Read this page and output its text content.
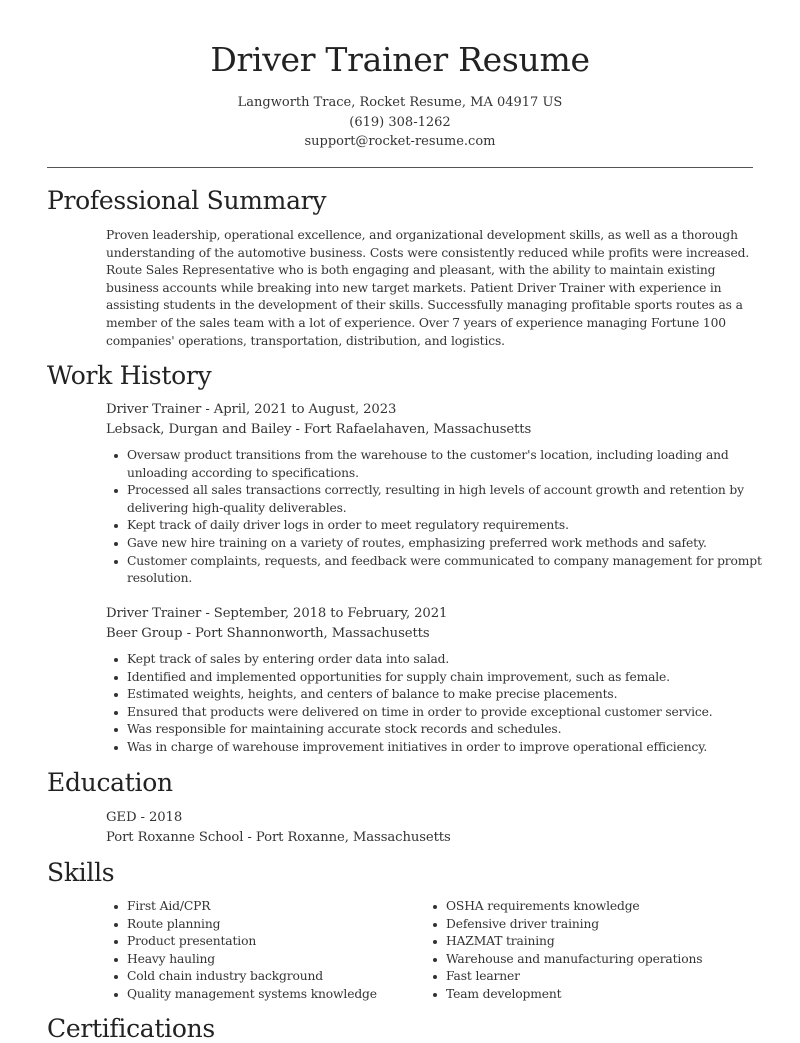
Driver Trainer Resume
Langworth Trace, Rocket Resume, MA 04917 US
(619) 308-1262
support@rocket-resume.com
Professional Summary

Proven leadership, operational excellence, and organizational development skills, as well as a thorough understanding of the automotive business. Costs were consistently reduced while profits were increased. Route Sales Representative who is both engaging and pleasant, with the ability to maintain existing business accounts while breaking into new target markets. Patient Driver Trainer with experience in assisting students in the development of their skills. Successfully managing profitable sports routes as a member of the sales team with a lot of experience. Over 7 years of experience managing Fortune 100 companies' operations, transportation, distribution, and logistics.

Work History
Driver Trainer - April, 2021 to August, 2023
Lebsack, Durgan and Bailey - Fort Rafaelahaven, Massachusetts
Oversaw product transitions from the warehouse to the customer's location, including loading and unloading according to specifications.
Processed all sales transactions correctly, resulting in high levels of account growth and retention by delivering high-quality deliverables.
Kept track of daily driver logs in order to meet regulatory requirements.
Gave new hire training on a variety of routes, emphasizing preferred work methods and safety.
Customer complaints, requests, and feedback were communicated to company management for prompt resolution.
Driver Trainer - September, 2018 to February, 2021
Beer Group - Port Shannonworth, Massachusetts
Kept track of sales by entering order data into salad.
Identified and implemented opportunities for supply chain improvement, such as female.
Estimated weights, heights, and centers of balance to make precise placements.
Ensured that products were delivered on time in order to provide exceptional customer service.
Was responsible for maintaining accurate stock records and schedules.
Was in charge of warehouse improvement initiatives in order to improve operational efficiency.
Education
GED - 2018
Port Roxanne School - Port Roxanne, Massachusetts
Skills
First Aid/CPR
Route planning
Product presentation
Heavy hauling
Cold chain industry background
Quality management systems knowledge
OSHA requirements knowledge
Defensive driver training
HAZMAT training
Warehouse and manufacturing operations
Fast learner
Team development
Certifications
